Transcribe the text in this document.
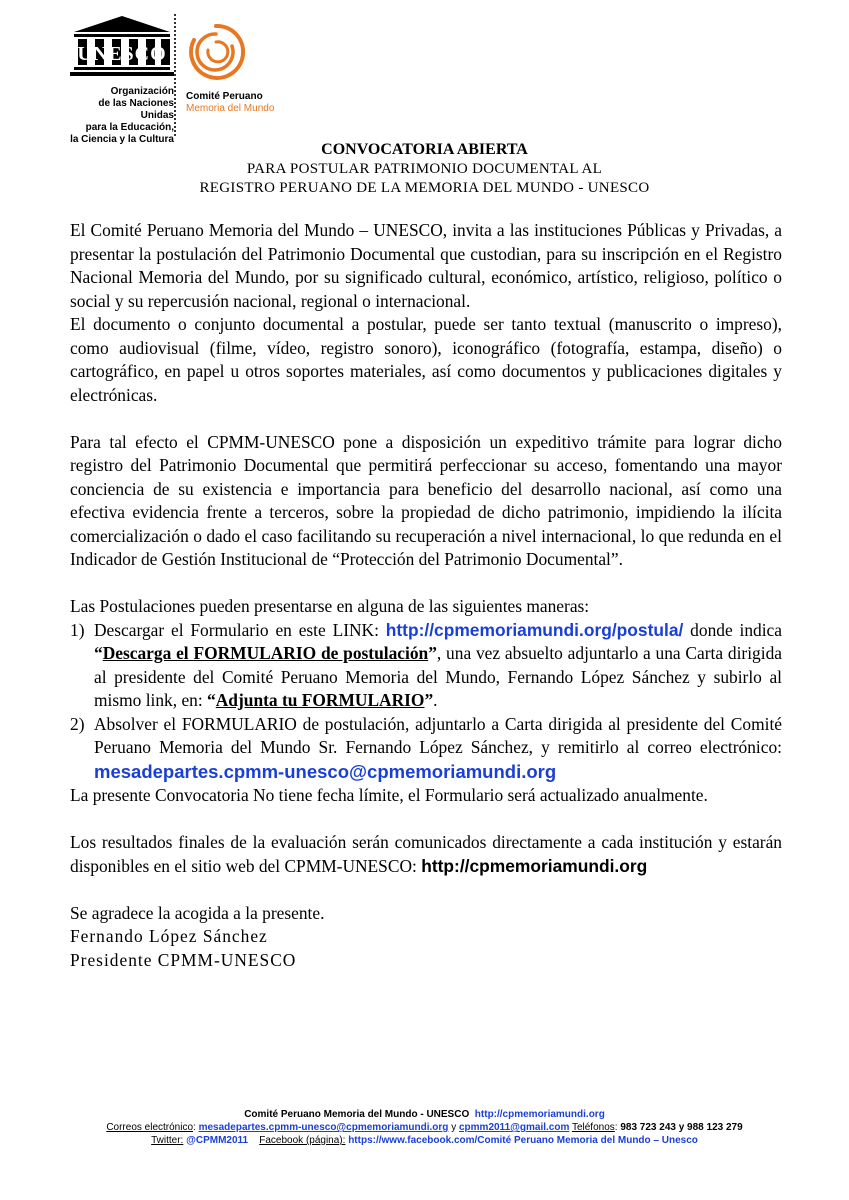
UNESCO
Organización
de las Naciones Unidas
para la Educación,
la Ciencia y la Cultura
Comité Peruano
Memoria del Mundo
CONVOCATORIA ABIERTA
PARA POSTULAR PATRIMONIO DOCUMENTAL AL
REGISTRO PERUANO DE LA MEMORIA DEL MUNDO - UNESCO

El Comité Peruano Memoria del Mundo – UNESCO, invita a las instituciones Públicas y Privadas, a presentar la postulación del Patrimonio Documental que custodian, para su inscripción en el Registro Nacional Memoria del Mundo, por su significado cultural, económico, artístico, religioso, político o social y su repercusión nacional, regional o internacional.

El documento o conjunto documental a postular, puede ser tanto textual (manuscrito o impreso), como audiovisual (filme, vídeo, registro sonoro), iconográfico (fotografía, estampa, diseño) o cartográfico, en papel u otros soportes materiales, así como documentos y publicaciones digitales y electrónicas.

Para tal efecto el CPMM-UNESCO pone a disposición un expeditivo trámite para lograr dicho registro del Patrimonio Documental que permitirá perfeccionar su acceso, fomentando una mayor conciencia de su existencia e importancia para beneficio del desarrollo nacional, así como una efectiva evidencia frente a terceros, sobre la propiedad de dicho patrimonio, impidiendo la ilícita comercialización o dado el caso facilitando su recuperación a nivel internacional, lo que redunda en el Indicador de Gestión Institucional de “Protección del Patrimonio Documental”.

Las Postulaciones pueden presentarse en alguna de las siguientes maneras:

1) Descargar el Formulario en este LINK: http://cpmemoriamundi.org/postula/ donde indica “Descarga el FORMULARIO de postulación”, una vez absuelto adjuntarlo a una Carta dirigida al presidente del Comité Peruano Memoria del Mundo, Fernando López Sánchez y subirlo al mismo link, en: “Adjunta tu FORMULARIO”.
2) Absolver el FORMULARIO de postulación, adjuntarlo a Carta dirigida al presidente del Comité Peruano Memoria del Mundo Sr. Fernando López Sánchez, y remitirlo al correo electrónico: mesadepartes.cpmm-unesco@cpmemoriamundi.org

La presente Convocatoria No tiene fecha límite, el Formulario será actualizado anualmente.

Los resultados finales de la evaluación serán comunicados directamente a cada institución y estarán disponibles en el sitio web del CPMM-UNESCO: http://cpmemoriamundi.org

Se agradece la acogida a la presente.

Fernando López Sánchez

Presidente CPMM-UNESCO

Comité Peruano Memoria del Mundo - UNESCO http://cpmemoriamundi.org
Correos electrónico: mesadepartes.cpmm-unesco@cpmemoriamundi.org y cpmm2011@gmail.com Teléfonos: 983 723 243 y 988 123 279
Twitter: @CPMM2011 Facebook (página): https://www.facebook.com/Comité Peruano Memoria del Mundo – Unesco
